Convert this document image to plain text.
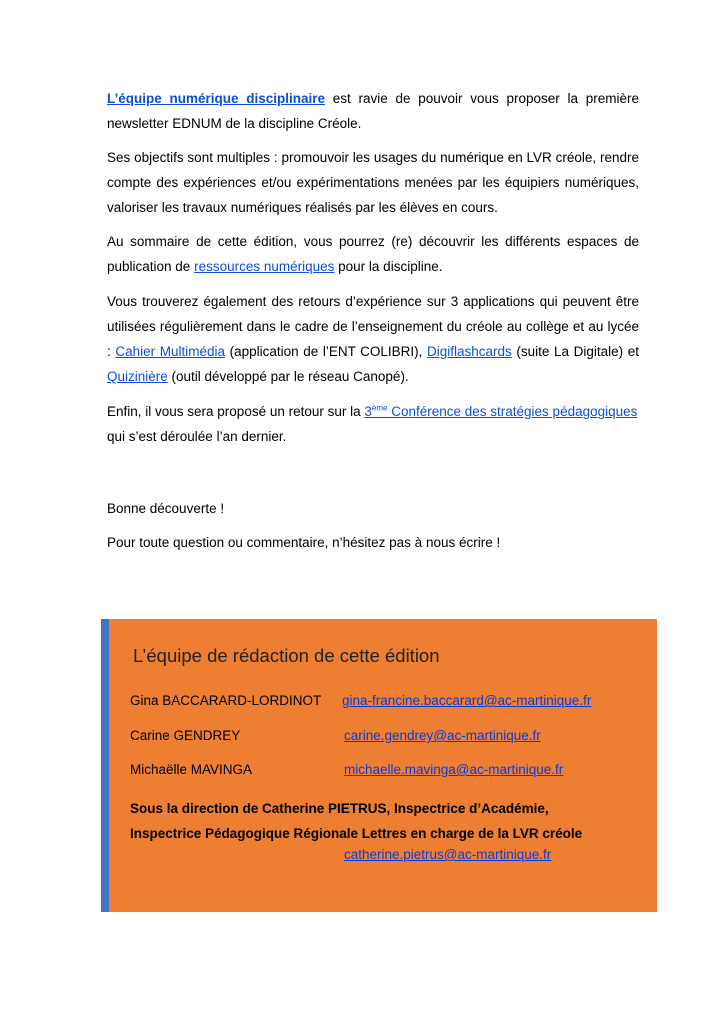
L’équipe numérique disciplinaire est ravie de pouvoir vous proposer la première newsletter EDNUM de la discipline Créole.

Ses objectifs sont multiples : promouvoir les usages du numérique en LVR créole, rendre compte des expériences et/ou expérimentations menées par les équipiers numériques, valoriser les travaux numériques réalisés par les élèves en cours.

Au sommaire de cette édition, vous pourrez (re) découvrir les différents espaces de publication de ressources numériques pour la discipline.

Vous trouverez également des retours d’expérience sur 3 applications qui peuvent être utilisées régulièrement dans le cadre de l’enseignement du créole au collège et au lycée : Cahier Multimédia (application de l’ENT COLIBRI), Digiflashcards (suite La Digitale) et Quizinière (outil développé par le réseau Canopé).

Enfin, il vous sera proposé un retour sur la 3ème Conférence des stratégies pédagogiques qui s’est déroulée l’an dernier.

Bonne découverte !

Pour toute question ou commentaire, n’hésitez pas à nous écrire !

L’équipe de rédaction de cette édition
Gina BACCARARD-LORDINOT gina-francine.baccarard@ac-martinique.fr
Carine GENDREY	carine.gendrey@ac-martinique.fr
Michaëlle MAVINGA	michaelle.mavinga@ac-martinique.fr
Sous la direction de Catherine PIETRUS, Inspectrice d’Académie,
Inspectrice Pédagogique Régionale Lettres en charge de la LVR créole
catherine.pietrus@ac-martinique.fr
